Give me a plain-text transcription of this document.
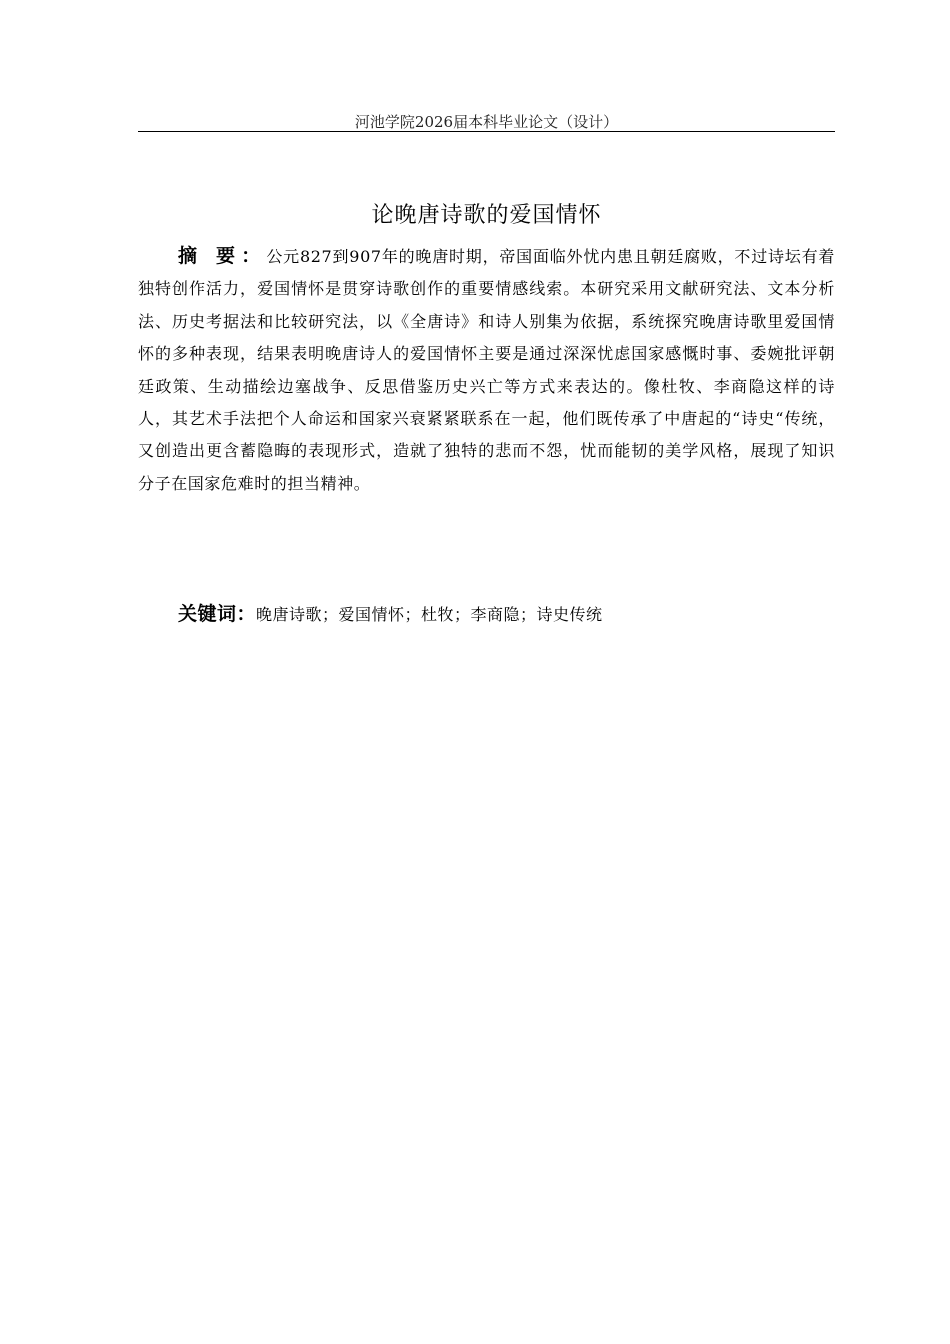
河池学院2026届本科毕业论文（设计）
论晚唐诗歌的爱国情怀

摘 要：公元827到907年的晚唐时期，帝国面临外忧内患且朝廷腐败，不过诗坛有着独特创作活力，爱国情怀是贯穿诗歌创作的重要情感线索。本研究采用文献研究法、文本分析法、历史考据法和比较研究法，以《全唐诗》和诗人别集为依据，系统探究晚唐诗歌里爱国情怀的多种表现，结果表明晚唐诗人的爱国情怀主要是通过深深忧虑国家感慨时事、委婉批评朝廷政策、生动描绘边塞战争、反思借鉴历史兴亡等方式来表达的。像杜牧、李商隐这样的诗人，其艺术手法把个人命运和国家兴衰紧紧联系在一起，他们既传承了中唐起的“诗史“传统，又创造出更含蓄隐晦的表现形式，造就了独特的悲而不怨，忧而能韧的美学风格，展现了知识分子在国家危难时的担当精神。

关键词：晚唐诗歌；爱国情怀；杜牧；李商隐；诗史传统
